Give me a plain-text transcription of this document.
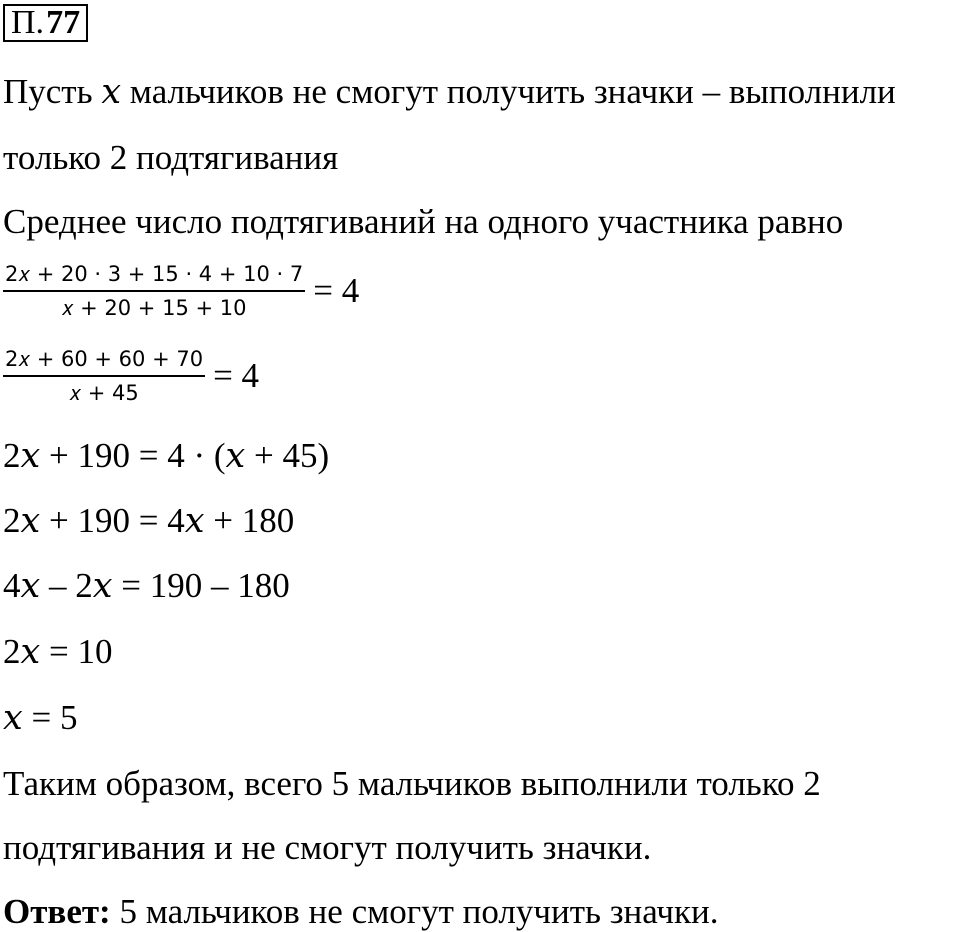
П. 77
Пусть 𝑥 мальчиков не смогут получить значки – выполнили
только 2 подтягивания
Среднее число подтягиваний на одного участника равно
$\frac{\text{2𝑥 + 20 · 3 + 15 · 4 + 10 · 7}}{\text{𝑥 + 20 + 15 + 10}} = 4$
$\frac{\text{2𝑥 + 60 + 60 + 70}}{\text{𝑥 + 45}} = 4$
2𝑥 + 190 = 4 · (𝑥 + 45)
2𝑥 + 190 = 4𝑥 + 180
4𝑥 – 2𝑥 = 190 – 180
2𝑥 = 10
𝑥 = 5
Таким образом, всего 5 мальчиков выполнили только 2
подтягивания и не смогут получить значки.
Ответ: 5 мальчиков не смогут получить значки.
